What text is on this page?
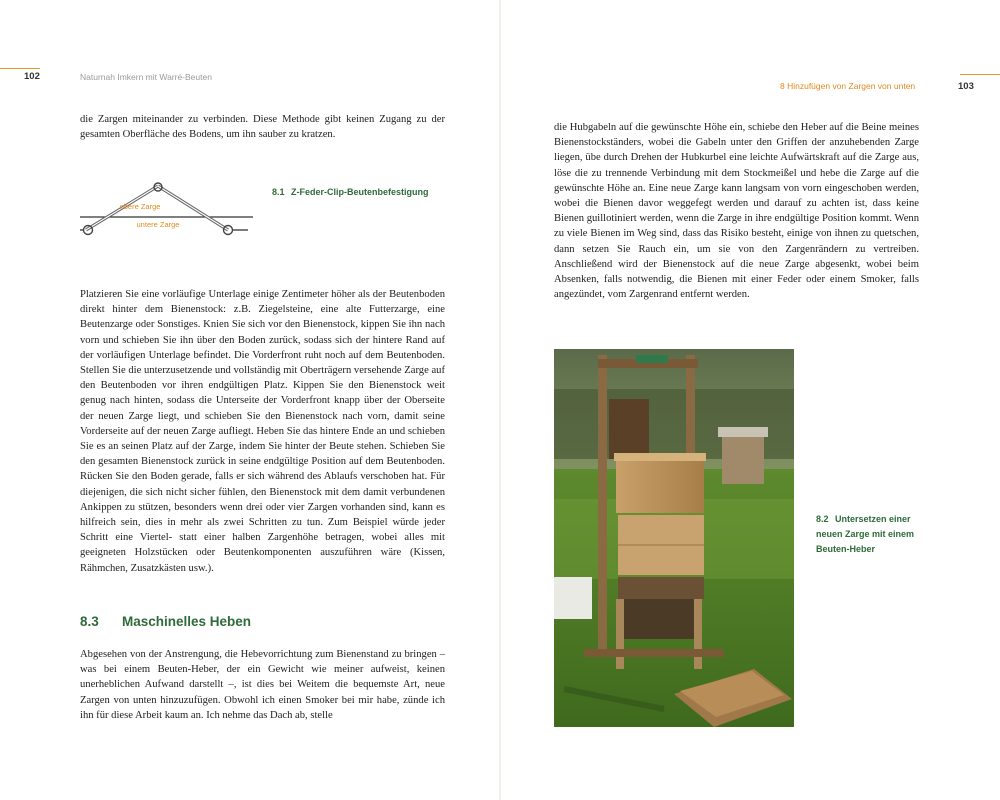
102	Naturnah Imkern mit Warré-Beuten

die Zargen miteinander zu verbinden. Diese Methode gibt keinen Zugang zu der gesamten Oberfläche des Bodens, um ihn sauber zu kratzen.

obere Zarge
untere Zarge
8.1 Z-Feder-Clip-Beutenbefestigung

Platzieren Sie eine vorläufige Unterlage einige Zentimeter höher als der Beutenboden direkt hinter dem Bienenstock: z.B. Ziegelsteine, eine alte Futterzarge, eine Beutenzarge oder Sonstiges. Knien Sie sich vor den Bienenstock, kippen Sie ihn nach vorn und schieben Sie ihn über den Boden zurück, sodass sich der hintere Rand auf der vorläufigen Unterlage befindet. Die Vorderfront ruht noch auf dem Beutenboden. Stellen Sie die unterzusetzende und vollständig mit Oberträgern versehende Zarge auf den Beutenboden vor ihren endgültigen Platz. Kippen Sie den Bienenstock weit genug nach hinten, sodass die Unterseite der Vorderfront knapp über der Oberseite der neuen Zarge liegt, und schieben Sie den Bienenstock nach vorn, damit seine Vorderseite auf der neuen Zarge aufliegt. Heben Sie das hintere Ende an und schieben Sie es an seinen Platz auf der Zarge, indem Sie hinter der Beute stehen. Schieben Sie den gesamten Bienenstock zurück in seine endgültige Position auf dem Beutenboden. Rücken Sie den Boden gerade, falls er sich während des Ablaufs verschoben hat. Für diejenigen, die sich nicht sicher fühlen, den Bienenstock mit dem damit verbundenen Ankippen zu stützen, besonders wenn drei oder vier Zargen vorhanden sind, kann es hilfreich sein, dies in mehr als zwei Schritten zu tun. Zum Beispiel würde jeder Schritt eine Viertel- statt einer halben Zargenhöhe betragen, wobei alles mit geeigneten Holzstücken oder Beutenkomponenten auszuführen wäre (Kissen, Rähmchen, Zusatzkästen usw.).

8.3 Maschinelles Heben

Abgesehen von der Anstrengung, die Hebevorrichtung zum Bienenstand zu bringen – was bei einem Beuten-Heber, der ein Gewicht wie meiner aufweist, keinen unerheblichen Aufwand darstellt –, ist dies bei Weitem die bequemste Art, neue Zargen von unten hinzuzufügen. Obwohl ich einen Smoker bei mir habe, zünde ich ihn für diese Arbeit kaum an. Ich nehme das Dach ab, stelle

8 Hinzufügen von Zargen von unten	103

die Hubgabeln auf die gewünschte Höhe ein, schiebe den Heber auf die Beine meines Bienenstockständers, wobei die Gabeln unter den Griffen der anzuhebenden Zarge liegen, übe durch Drehen der Hubkurbel eine leichte Aufwärtskraft auf die Zarge aus, löse die zu trennende Verbindung mit dem Stockmeißel und hebe die Zarge auf die gewünschte Höhe an. Eine neue Zarge kann langsam von vorn eingeschoben werden, wobei die Bienen davor weggefegt werden und darauf zu achten ist, dass keine Bienen guillotiniert werden, wenn die Zarge in ihre endgültige Position kommt. Wenn zu viele Bienen im Weg sind, dass das Risiko besteht, einige von ihnen zu quetschen, dann setzen Sie Rauch ein, um sie von den Zargenrändern zu vertreiben. Anschließend wird der Bienenstock auf die neue Zarge abgesenkt, wobei beim Absenken, falls notwendig, die Bienen mit einer Feder oder einem Smoker, falls angezündet, vom Zargenrand entfernt werden.

8.2 Untersetzen einer
neuen Zarge mit einem
Beuten-Heber
